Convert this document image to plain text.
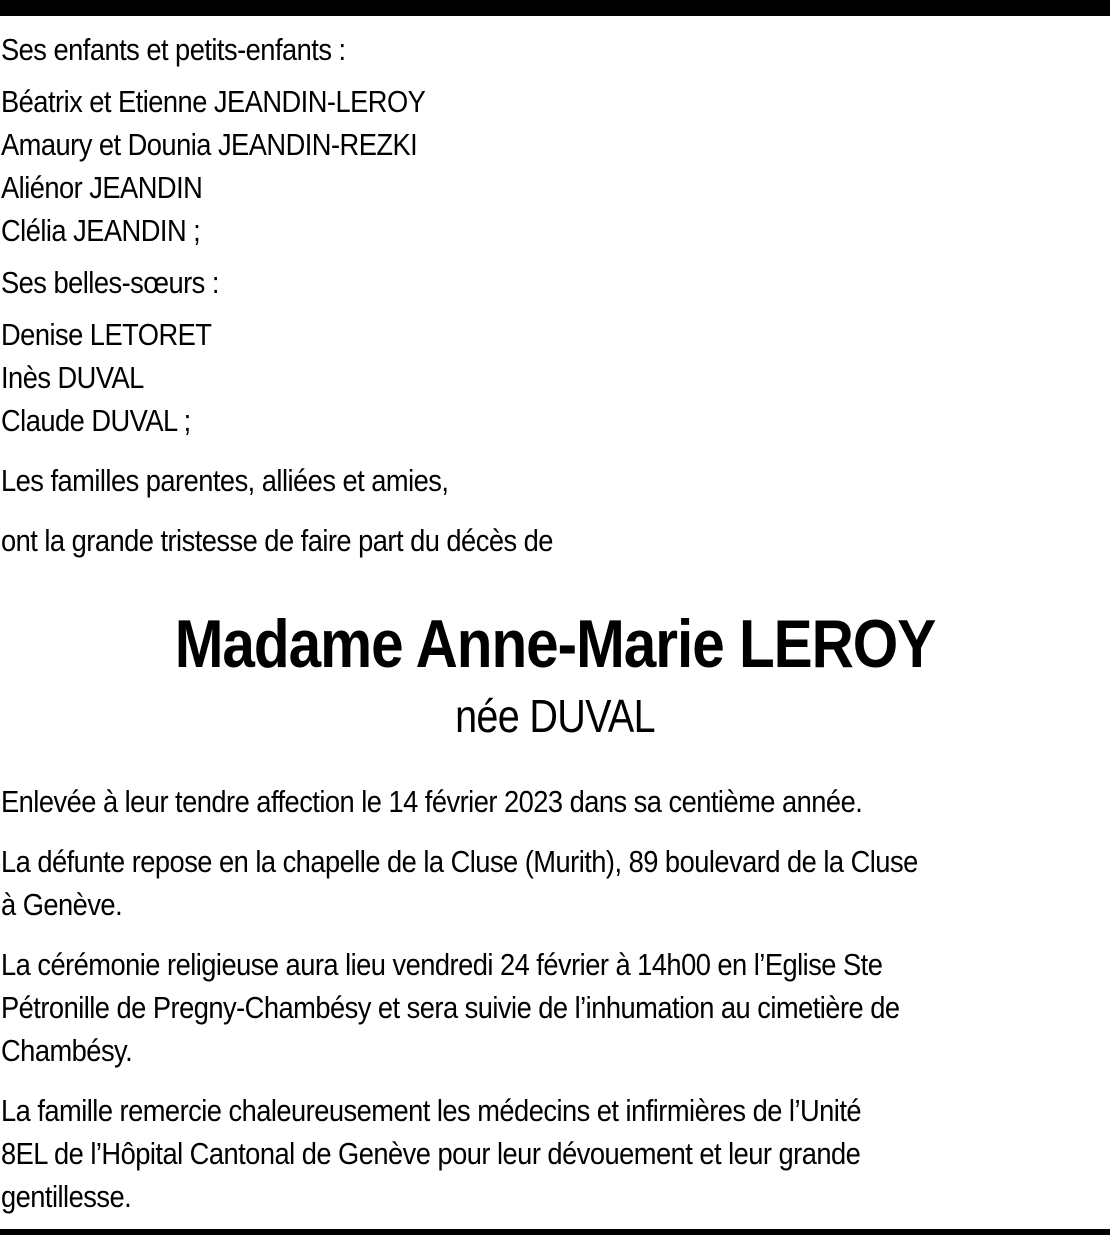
Ses enfants et petits-enfants :

Béatrix et Etienne JEANDIN-LEROY
Amaury et Dounia JEANDIN-REZKI
Aliénor JEANDIN
Clélia JEANDIN ;

Ses belles-sœurs :

Denise LETORET
Inès DUVAL
Claude DUVAL ;

Les familles parentes, alliées et amies,

ont la grande tristesse de faire part du décès de

Madame Anne-Marie LEROY
née DUVAL

Enlevée à leur tendre affection le 14 février 2023 dans sa centième année.

La défunte repose en la chapelle de la Cluse (Murith), 89 boulevard de la Cluse
à Genève.

La cérémonie religieuse aura lieu vendredi 24 février à 14h00 en l’Eglise Ste
Pétronille de Pregny-Chambésy et sera suivie de l’inhumation au cimetière de
Chambésy.

La famille remercie chaleureusement les médecins et infirmières de l’Unité
8EL de l’Hôpital Cantonal de Genève pour leur dévouement et leur grande
gentillesse.
